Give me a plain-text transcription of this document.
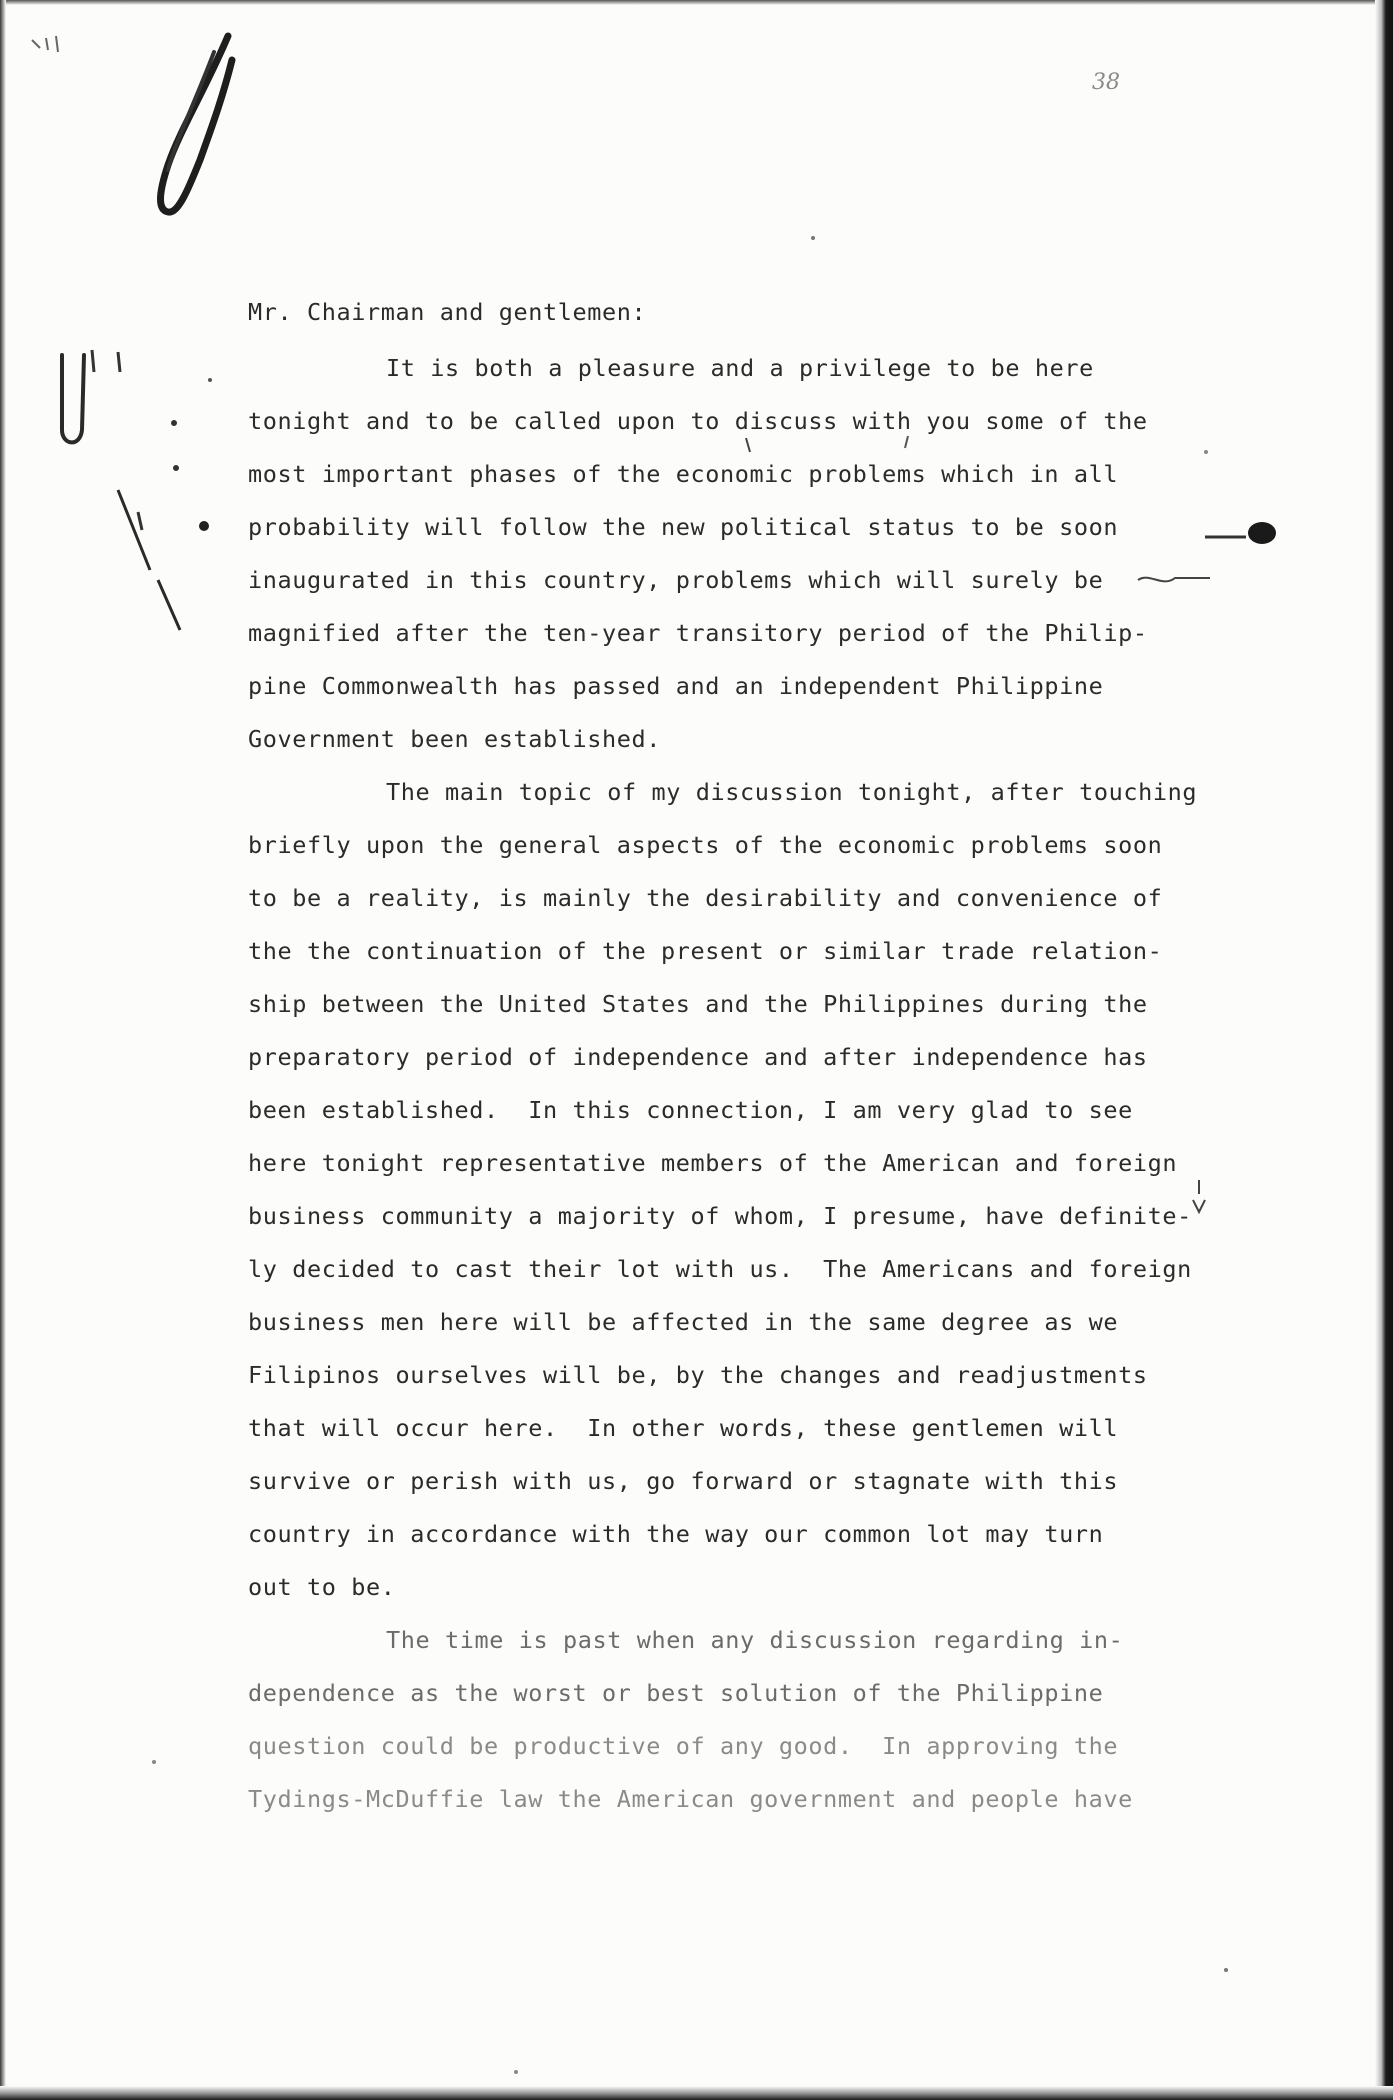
38
Mr. Chairman and gentlemen:
It is both a pleasure and a privilege to be here
tonight and to be called upon to discuss with you some of the
most important phases of the economic problems which in all
probability will follow the new political status to be soon
inaugurated in this country, problems which will surely be
magnified after the ten-year transitory period of the Philip-
pine Commonwealth has passed and an independent Philippine
Government been established.
The main topic of my discussion tonight, after touching
briefly upon the general aspects of the economic problems soon
to be a reality, is mainly the desirability and convenience of
the the continuation of the present or similar trade relation-
ship between the United States and the Philippines during the
preparatory period of independence and after independence has
been established.  In this connection, I am very glad to see
here tonight representative members of the American and foreign
business community a majority of whom, I presume, have definite-
ly decided to cast their lot with us.  The Americans and foreign
business men here will be affected in the same degree as we
Filipinos ourselves will be, by the changes and readjustments
that will occur here.  In other words, these gentlemen will
survive or perish with us, go forward or stagnate with this
country in accordance with the way our common lot may turn
out to be.
The time is past when any discussion regarding in-
dependence as the worst or best solution of the Philippine
question could be productive of any good.  In approving the
Tydings-McDuffie law the American government and people have
